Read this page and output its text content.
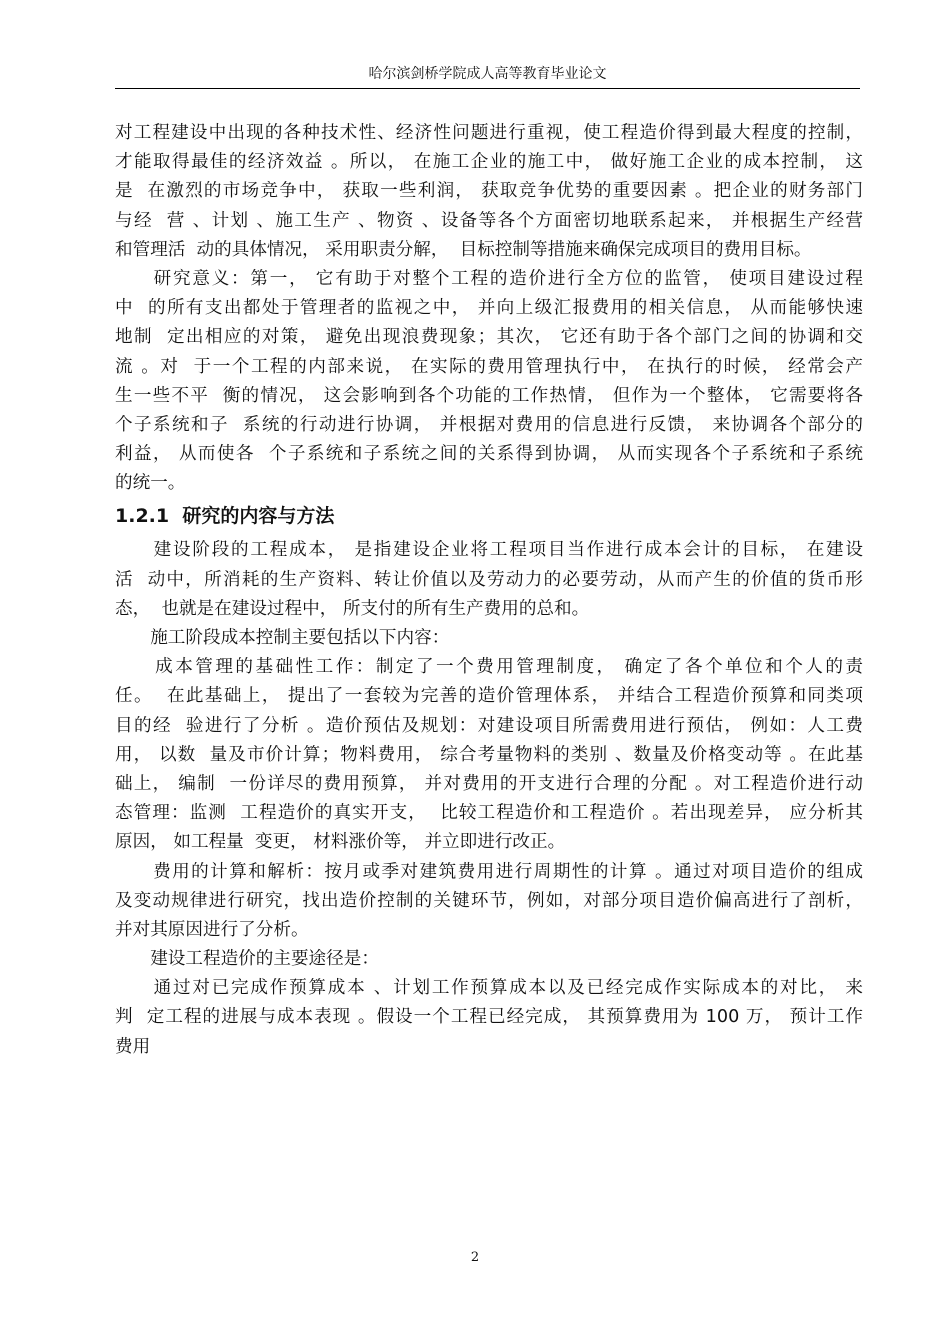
哈尔滨剑桥学院成人高等教育毕业论文
对工程建设中出现的各种技术性、经济性问题进行重视，使工程造价得到最大程度的控制，
才能取得最佳的经济效益 。所以， 在施工企业的施工中， 做好施工企业的成本控制， 这
是  在激烈的市场竞争中， 获取一些利润， 获取竞争优势的重要因素 。把企业的财务部门
与经  营 、计划 、施工生产 、物资 、设备等各个方面密切地联系起来， 并根据生产经营
和管理活  动的具体情况， 采用职责分解，  目标控制等措施来确保完成项目的费用目标。
　　研究意义：第一， 它有助于对整个工程的造价进行全方位的监管， 使项目建设过程
中  的所有支出都处于管理者的监视之中， 并向上级汇报费用的相关信息， 从而能够快速
地制  定出相应的对策， 避免出现浪费现象；其次， 它还有助于各个部门之间的协调和交
流 。对  于一个工程的内部来说， 在实际的费用管理执行中， 在执行的时候， 经常会产
生一些不平  衡的情况， 这会影响到各个功能的工作热情， 但作为一个整体， 它需要将各
个子系统和子  系统的行动进行协调， 并根据对费用的信息进行反馈， 来协调各个部分的
利益， 从而使各  个子系统和子系统之间的关系得到协调， 从而实现各个子系统和子系统
的统一。
1.2.1  研究的内容与方法
　　建设阶段的工程成本， 是指建设企业将工程项目当作进行成本会计的目标， 在建设
活  动中，所消耗的生产资料、转让价值以及劳动力的必要劳动，从而产生的价值的货币形
态，  也就是在建设过程中， 所支付的所有生产费用的总和。
　　施工阶段成本控制主要包括以下内容：
　　成本管理的基础性工作：制定了一个费用管理制度， 确定了各个单位和个人的责
任。  在此基础上， 提出了一套较为完善的造价管理体系， 并结合工程造价预算和同类项
目的经  验进行了分析 。造价预估及规划：对建设项目所需费用进行预估， 例如：人工费
用， 以数  量及市价计算；物料费用， 综合考量物料的类别 、数量及价格变动等 。在此基
础上， 编制  一份详尽的费用预算， 并对费用的开支进行合理的分配 。对工程造价进行动
态管理：监测  工程造价的真实开支，  比较工程造价和工程造价 。若出现差异， 应分析其
原因， 如工程量  变更， 材料涨价等， 并立即进行改正。
　　费用的计算和解析：按月或季对建筑费用进行周期性的计算 。通过对项目造价的组成
及变动规律进行研究，找出造价控制的关键环节，例如，对部分项目造价偏高进行了剖析，
并对其原因进行了分析。
　　建设工程造价的主要途径是：
　　通过对已完成作预算成本 、计划工作预算成本以及已经完成作实际成本的对比， 来
判  定工程的进展与成本表现 。假设一个工程已经完成， 其预算费用为 100 万， 预计工作
费用
2
